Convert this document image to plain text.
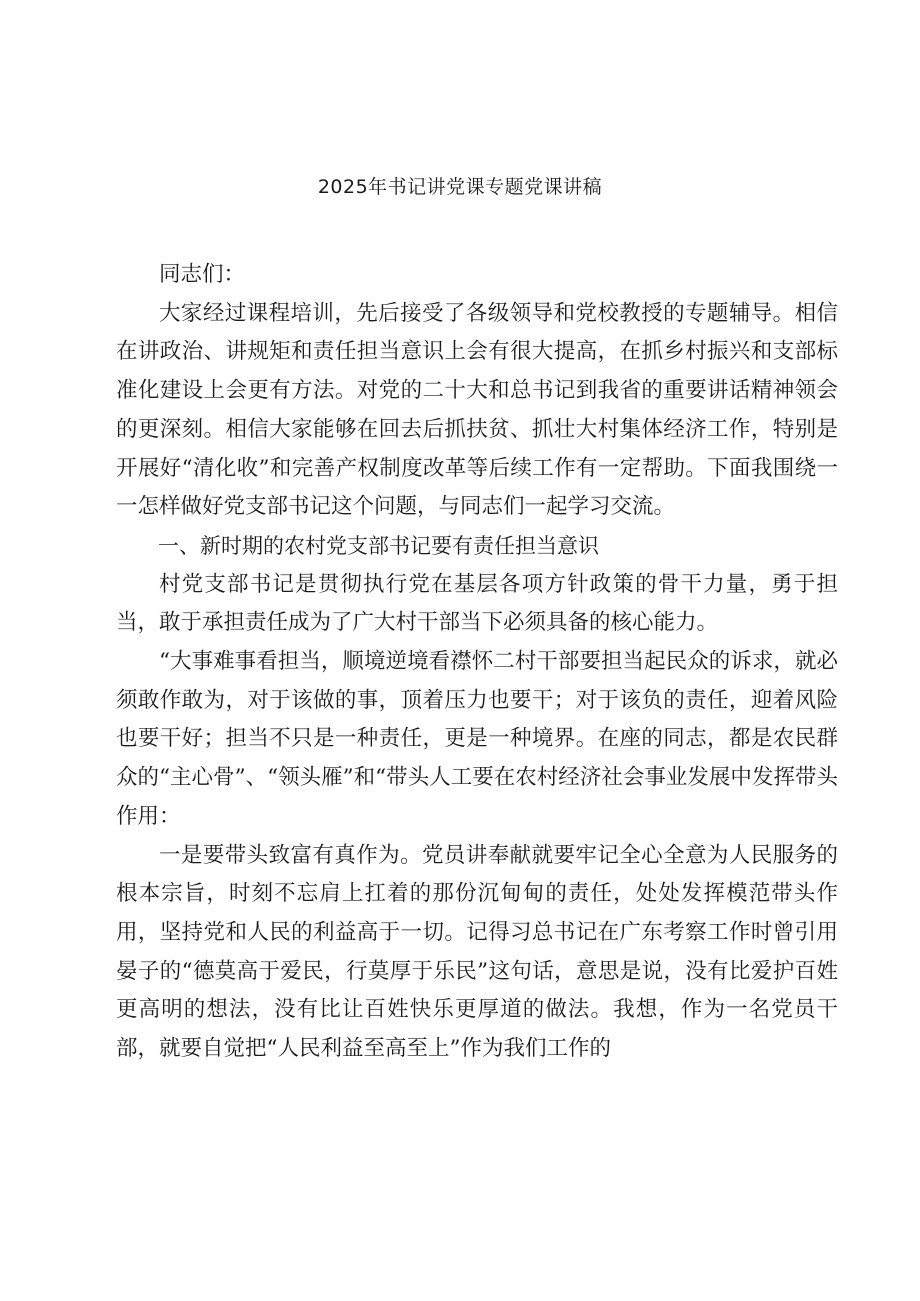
2025年书记讲党课专题党课讲稿

同志们：

大家经过课程培训，先后接受了各级领导和党校教授的专题辅导。相信在讲政治、讲规矩和责任担当意识上会有很大提高，在抓乡村振兴和支部标准化建设上会更有方法。对党的二十大和总书记到我省的重要讲话精神领会的更深刻。相信大家能够在回去后抓扶贫、抓壮大村集体经济工作，特别是开展好“清化收”和完善产权制度改革等后续工作有一定帮助。下面我围绕一一怎样做好党支部书记这个问题，与同志们一起学习交流。

一、新时期的农村党支部书记要有责任担当意识

村党支部书记是贯彻执行党在基层各项方针政策的骨干力量，勇于担当，敢于承担责任成为了广大村干部当下必须具备的核心能力。

“大事难事看担当，顺境逆境看襟怀二村干部要担当起民众的诉求，就必须敢作敢为，对于该做的事，顶着压力也要干；对于该负的责任，迎着风险也要干好；担当不只是一种责任，更是一种境界。在座的同志，都是农民群众的“主心骨”、“领头雁”和“带头人工要在农村经济社会事业发展中发挥带头作用：

一是要带头致富有真作为。党员讲奉献就要牢记全心全意为人民服务的根本宗旨，时刻不忘肩上扛着的那份沉甸甸的责任，处处发挥模范带头作用，坚持党和人民的利益高于一切。记得习总书记在广东考察工作时曾引用晏子的“德莫高于爱民，行莫厚于乐民”这句话，意思是说，没有比爱护百姓更高明的想法，没有比让百姓快乐更厚道的做法。我想，作为一名党员干部，就要自觉把“人民利益至高至上”作为我们工作的
